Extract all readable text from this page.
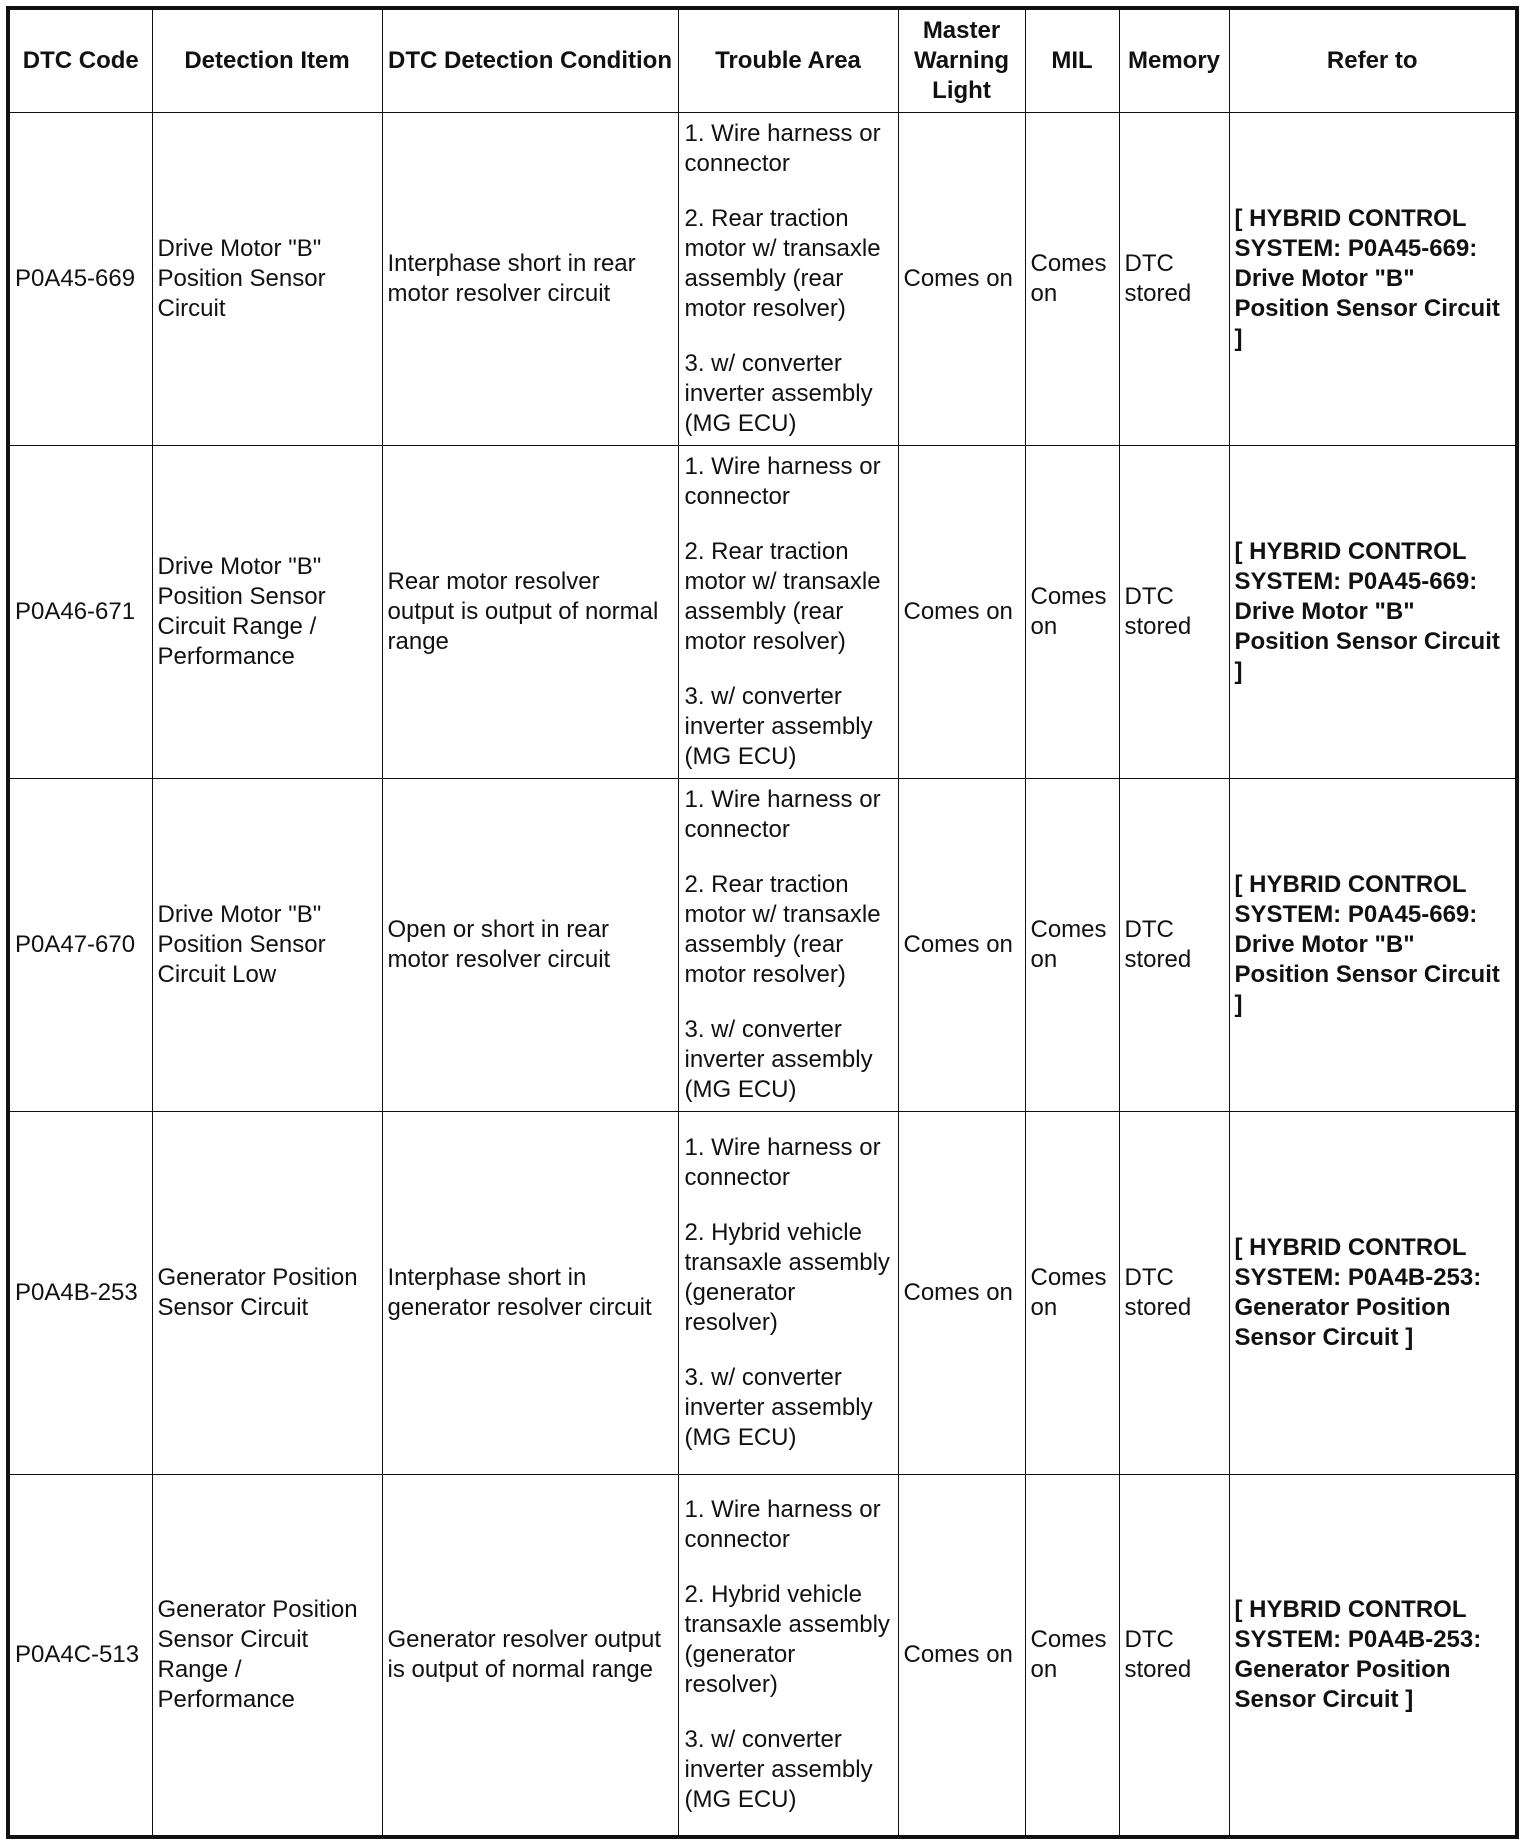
DTC Code	Detection Item	DTC Detection Condition	Trouble Area	Master Warning Light	MIL	Memory	Refer to
P0A45-669	Drive Motor "B" Position Sensor Circuit	Interphase short in rear motor resolver circuit	1. Wire harness or connector
2. Rear traction motor w/ transaxle assembly (rear motor resolver)
3. w/ converter inverter assembly (MG ECU)	Comes on	Comes on	DTC stored	[ HYBRID CONTROL SYSTEM: P0A45-669: Drive Motor "B" Position Sensor Circuit ]
P0A46-671	Drive Motor "B" Position Sensor Circuit Range / Performance	Rear motor resolver output is output of normal range	1. Wire harness or connector
2. Rear traction motor w/ transaxle assembly (rear motor resolver)
3. w/ converter inverter assembly (MG ECU)	Comes on	Comes on	DTC stored	[ HYBRID CONTROL SYSTEM: P0A45-669: Drive Motor "B" Position Sensor Circuit ]
P0A47-670	Drive Motor "B" Position Sensor Circuit Low	Open or short in rear motor resolver circuit	1. Wire harness or connector
2. Rear traction motor w/ transaxle assembly (rear motor resolver)
3. w/ converter inverter assembly (MG ECU)	Comes on	Comes on	DTC stored	[ HYBRID CONTROL SYSTEM: P0A45-669: Drive Motor "B" Position Sensor Circuit ]
P0A4B-253	Generator Position Sensor Circuit	Interphase short in generator resolver circuit	1. Wire harness or connector
2. Hybrid vehicle transaxle assembly (generator resolver)
3. w/ converter inverter assembly (MG ECU)	Comes on	Comes on	DTC stored	[ HYBRID CONTROL SYSTEM: P0A4B-253: Generator Position Sensor Circuit ]
P0A4C-513	Generator Position Sensor Circuit Range / Performance	Generator resolver output is output of normal range	1. Wire harness or connector
2. Hybrid vehicle transaxle assembly (generator resolver)
3. w/ converter inverter assembly (MG ECU)	Comes on	Comes on	DTC stored	[ HYBRID CONTROL SYSTEM: P0A4B-253: Generator Position Sensor Circuit ]
